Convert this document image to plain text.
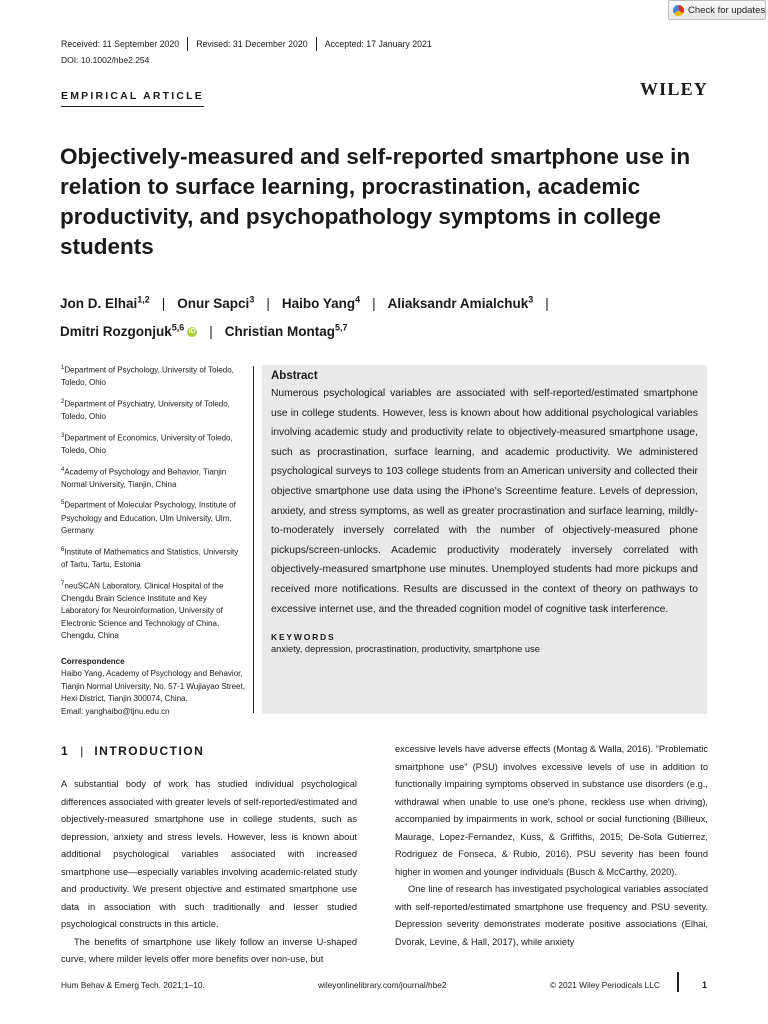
Check for updates
Received: 11 September 2020 Revised: 31 December 2020 Accepted: 17 January 2021
DOI: 10.1002/hbe2.254
EMPIRICAL ARTICLE	WILEY
Objectively-measured and self-reported smartphone use in relation to surface learning, procrastination, academic productivity, and psychopathology symptoms in college students
Jon D. Elhai$^{1,2}$ | Onur Sapci$^3$ | Haibo Yang$^4$ | Aliaksandr Amialchuk$^3$ |
Dmitri Rozgonjuk$^{5,6}$ iD | Christian Montag$^{5,7}$

$^1$Department of Psychology, University of Toledo, Toledo, Ohio

$^2$Department of Psychiatry, University of Toledo, Toledo, Ohio

$^3$Department of Economics, University of Toledo, Toledo, Ohio

$^4$Academy of Psychology and Behavior, Tianjin Normal University, Tianjin, China

$^5$Department of Molecular Psychology, Institute of Psychology and Education, Ulm University, Ulm, Germany

$^6$Institute of Mathematics and Statistics, University of Tartu, Tartu, Estonia

$^7$neuSCAN Laboratory, Clinical Hospital of the Chengdu Brain Science Institute and Key Laboratory for Neuroinformation, University of Electronic Science and Technology of China, Chengdu, China

Correspondence
Haibo Yang, Academy of Psychology and Behavior, Tianjin Normal University, No. 57-1 Wujiayao Street, Hexi District, Tianjin 300074, China.
Email: yanghaibo@tjnu.edu.cn
Abstract

Numerous psychological variables are associated with self-reported/estimated smartphone use in college students. However, less is known about how additional psychological variables involving academic study and productivity relate to objectively-measured smartphone usage, such as procrastination, surface learning, and academic productivity. We administered psychological surveys to 103 college students from an American university and collected their objective smartphone use data using the iPhone's Screentime feature. Levels of depression, anxiety, and stress symptoms, as well as greater procrastination and surface learning, mildly-to-moderately inversely correlated with the number of objectively-measured phone pickups/screen-unlocks. Academic productivity moderately inversely correlated with objectively-measured smartphone use minutes. Unemployed students had more pickups and received more notifications. Results are discussed in the context of theory on pathways to excessive internet use, and the threaded cognition model of cognitive task interference.

KEYWORDS
anxiety, depression, procrastination, productivity, smartphone use
1 | INTRODUCTION

A substantial body of work has studied individual psychological differences associated with greater levels of self-reported/estimated and objectively-measured smartphone use in college students, such as depression, anxiety and stress levels. However, less is known about additional psychological variables associated with increased smartphone use—especially variables involving academic-related study and productivity. We present objective and estimated smartphone use data in association with such traditionally and lesser studied psychological constructs in this article.

The benefits of smartphone use likely follow an inverse U-shaped curve, where milder levels offer more benefits over non-use, but

excessive levels have adverse effects (Montag & Walla, 2016). “Problematic smartphone use” (PSU) involves excessive levels of use in addition to functionally impairing symptoms observed in substance use disorders (e.g., withdrawal when unable to use one's phone, reckless use when driving), accompanied by impairments in work, school or social functioning (Billieux, Maurage, Lopez-Fernandez, Kuss, & Griffiths, 2015; De-Sola Gutierrez, Rodriguez de Fonseca, & Rubio, 2016). PSU severity has been found higher in women and younger individuals (Busch & McCarthy, 2020).

One line of research has investigated psychological variables associated with self-reported/estimated smartphone use frequency and PSU severity. Depression severity demonstrates moderate positive associations (Elhai, Dvorak, Levine, & Hall, 2017), while anxiety

Hum Behav & Emerg Tech. 2021;1–10.	wileyonlinelibrary.com/journal/hbe2	© 2021 Wiley Periodicals LLC	1
